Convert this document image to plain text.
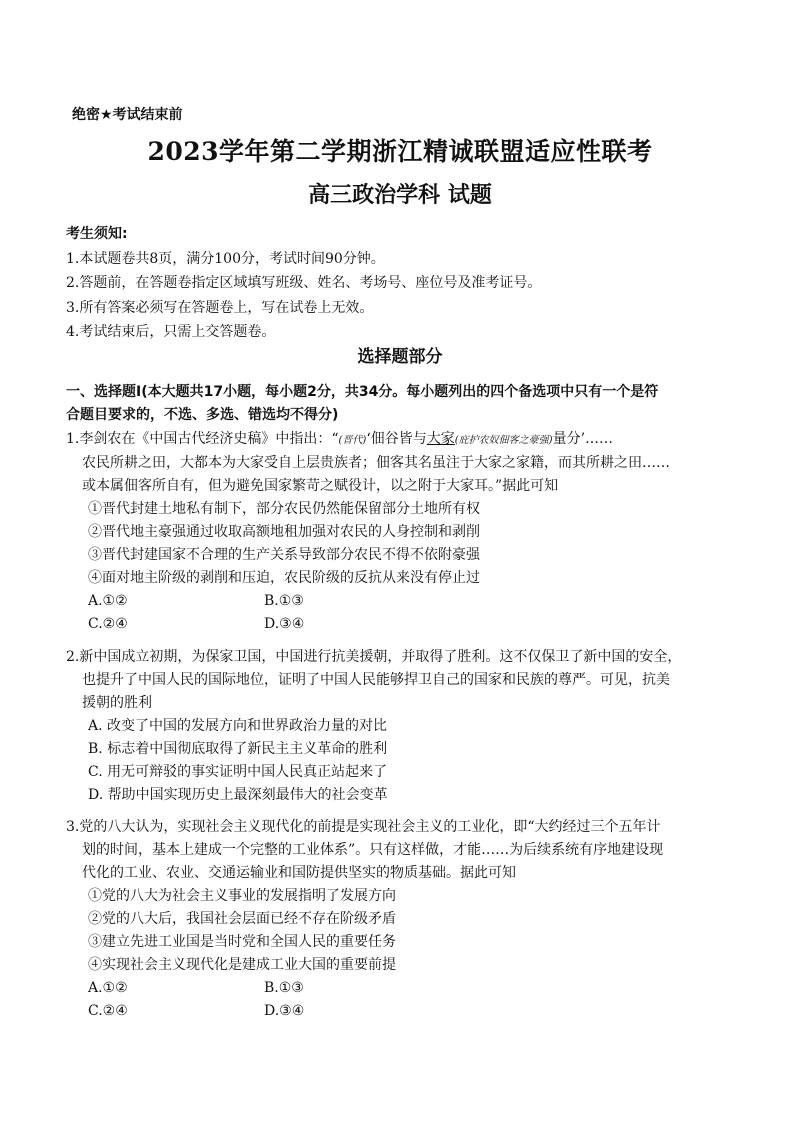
绝密★考试结束前
2023学年第二学期浙江精诚联盟适应性联考
高三政治学科 试题
考生须知:
1.本试题卷共8页，满分100分，考试时间90分钟。
2.答题前，在答题卷指定区域填写班级、姓名、考场号、座位号及准考证号。
3.所有答案必须写在答题卷上，写在试卷上无效。
4.考试结束后，只需上交答题卷。
选择题部分
一、选择题Ⅰ(本大题共17小题，每小题2分，共34分。每小题列出的四个备选项中只有一个是符
合题目要求的，不选、多选、错选均不得分)
1.李剑农在《中国古代经济史稿》中指出：“(晋代)‘佃谷皆与大家(庇护农奴佃客之豪强)量分’……
农民所耕之田，大都本为大家受自上层贵族者；佃客其名虽注于大家之家籍，而其所耕之田……
或本属佃客所自有，但为避免国家繁苛之赋役计，以之附于大家耳。”据此可知
①晋代封建土地私有制下，部分农民仍然能保留部分土地所有权
②晋代地主豪强通过收取高额地租加强对农民的人身控制和剥削
③晋代封建国家不合理的生产关系导致部分农民不得不依附豪强
④面对地主阶级的剥削和压迫，农民阶级的反抗从来没有停止过
A.①②	B.①③
C.②④	D.③④
2.新中国成立初期，为保家卫国，中国进行抗美援朝，并取得了胜利。这不仅保卫了新中国的安全，
也提升了中国人民的国际地位，证明了中国人民能够捍卫自己的国家和民族的尊严。可见，抗美
援朝的胜利
A. 改变了中国的发展方向和世界政治力量的对比
B. 标志着中国彻底取得了新民主主义革命的胜利
C. 用无可辩驳的事实证明中国人民真正站起来了
D. 帮助中国实现历史上最深刻最伟大的社会变革
3.党的八大认为，实现社会主义现代化的前提是实现社会主义的工业化，即“大约经过三个五年计
划的时间，基本上建成一个完整的工业体系”。只有这样做，才能……为后续系统有序地建设现
代化的工业、农业、交通运输业和国防提供坚实的物质基础。据此可知
①党的八大为社会主义事业的发展指明了发展方向
②党的八大后，我国社会层面已经不存在阶级矛盾
③建立先进工业国是当时党和全国人民的重要任务
④实现社会主义现代化是建成工业大国的重要前提
A.①②	B.①③
C.②④	D.③④
